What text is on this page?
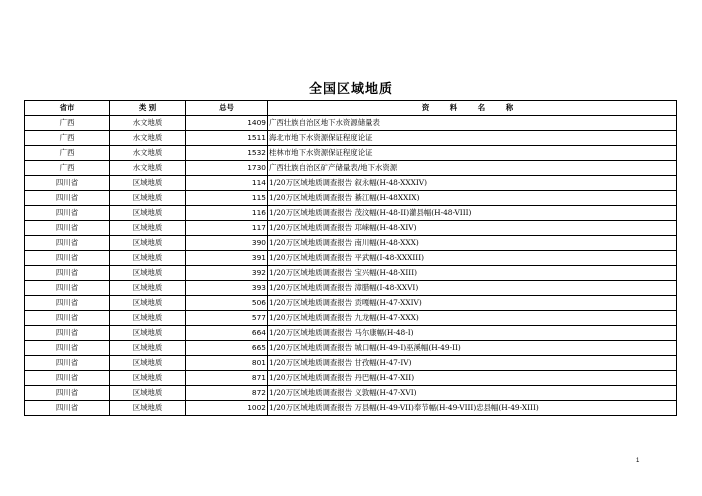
全国区域地质
省市	类 别	总号	资 料 名 称
广西	水文地质	1409	广西壮族自治区地下水资源储量表
广西	水文地质	1511	海北市地下水资源保证程度论证
广西	水文地质	1532	桂林市地下水资源保证程度论证
广西	水文地质	1730	广西壮族自治区矿产储量表/地下水资源
四川省	区域地质	114	1/20万区域地质调查报告 叙永幅(H-48-XXXIV)
四川省	区域地质	115	1/20万区域地质调查报告 綦江幅(H-48XXIX)
四川省	区域地质	116	1/20万区域地质调查报告 茂汶幅(H-48-II)灌县幅(H-48-VIII)
四川省	区域地质	117	1/20万区域地质调查报告 邛崃幅(H-48-XIV)
四川省	区域地质	390	1/20万区域地质调查报告 南川幅(H-48-XXX)
四川省	区域地质	391	1/20万区域地质调查报告 平武幅(I-48-XXXIII)
四川省	区域地质	392	1/20万区域地质调查报告 宝兴幅(H-48-XIII)
四川省	区域地质	393	1/20万区域地质调查报告 漳腊幅(I-48-XXVI)
四川省	区域地质	506	1/20万区域地质调查报告 贡嘎幅(H-47-XXIV)
四川省	区域地质	577	1/20万区域地质调查报告 九龙幅(H-47-XXX)
四川省	区域地质	664	1/20万区域地质调查报告 马尔康幅(H-48-I)
四川省	区域地质	665	1/20万区域地质调查报告 城口幅(H-49-I)巫溪幅(H-49-II)
四川省	区域地质	801	1/20万区域地质调查报告 甘孜幅(H-47-IV)
四川省	区域地质	871	1/20万区域地质调查报告 丹巴幅(H-47-XII)
四川省	区域地质	872	1/20万区域地质调查报告 义敦幅(H-47-XVI)
四川省	区域地质	1002	1/20万区域地质调查报告 万县幅(H-49-VII)奉节幅(H-49-VIII)忠县幅(H-49-XIII)
1
